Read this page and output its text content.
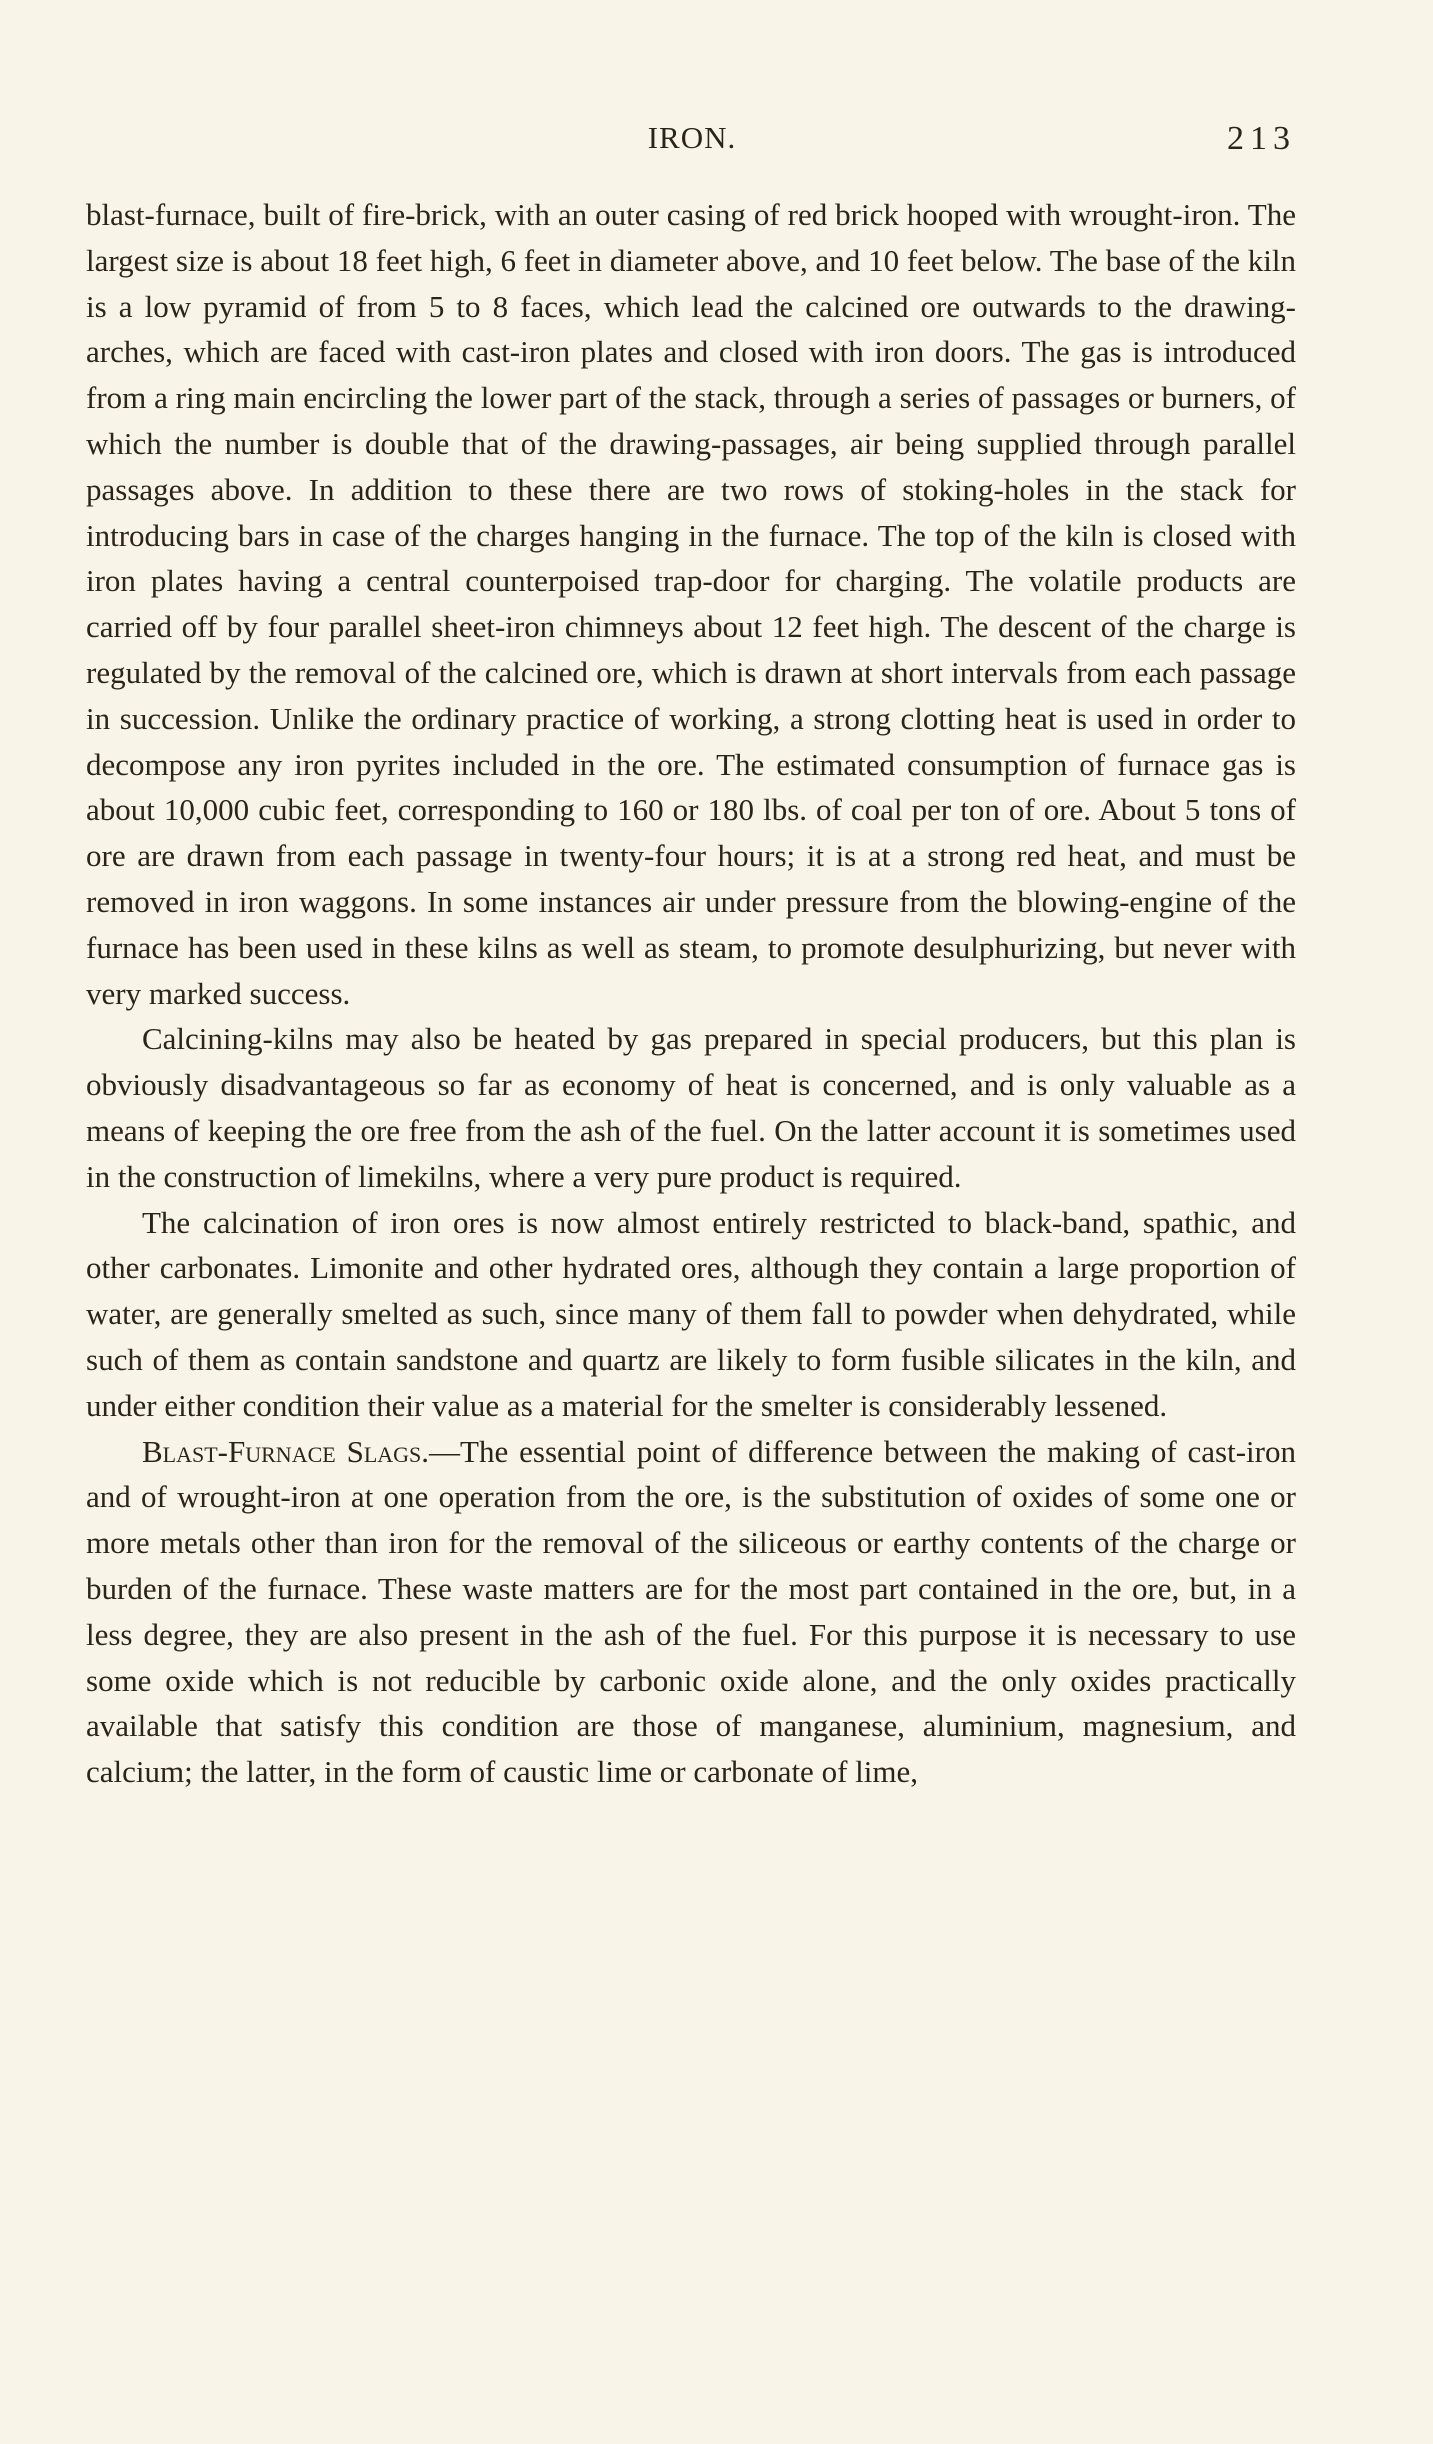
IRON.	213

blast-furnace, built of fire-brick, with an outer casing of red brick hooped with wrought-iron. The largest size is about 18 feet high, 6 feet in diameter above, and 10 feet below. The base of the kiln is a low pyramid of from 5 to 8 faces, which lead the calcined ore outwards to the drawing-arches, which are faced with cast-iron plates and closed with iron doors. The gas is introduced from a ring main encircling the lower part of the stack, through a series of passages or burners, of which the number is double that of the drawing-passages, air being supplied through parallel passages above. In addition to these there are two rows of stoking-holes in the stack for introducing bars in case of the charges hanging in the furnace. The top of the kiln is closed with iron plates having a central counterpoised trap-door for charging. The volatile products are carried off by four parallel sheet-iron chimneys about 12 feet high. The descent of the charge is regulated by the removal of the calcined ore, which is drawn at short intervals from each passage in succession. Unlike the ordinary practice of working, a strong clotting heat is used in order to decompose any iron pyrites included in the ore. The estimated consumption of furnace gas is about 10,000 cubic feet, corresponding to 160 or 180 lbs. of coal per ton of ore. About 5 tons of ore are drawn from each passage in twenty-four hours; it is at a strong red heat, and must be removed in iron waggons. In some instances air under pressure from the blowing-engine of the furnace has been used in these kilns as well as steam, to promote desulphurizing, but never with very marked success.

Calcining-kilns may also be heated by gas prepared in special producers, but this plan is obviously disadvantageous so far as economy of heat is concerned, and is only valuable as a means of keeping the ore free from the ash of the fuel. On the latter account it is sometimes used in the construction of limekilns, where a very pure product is required.

The calcination of iron ores is now almost entirely restricted to black-band, spathic, and other carbonates. Limonite and other hydrated ores, although they contain a large proportion of water, are generally smelted as such, since many of them fall to powder when dehydrated, while such of them as contain sandstone and quartz are likely to form fusible silicates in the kiln, and under either condition their value as a material for the smelter is considerably lessened.

Blast-Furnace Slags.—The essential point of difference between the making of cast-iron and of wrought-iron at one operation from the ore, is the substitution of oxides of some one or more metals other than iron for the removal of the siliceous or earthy contents of the charge or burden of the furnace. These waste matters are for the most part contained in the ore, but, in a less degree, they are also present in the ash of the fuel. For this purpose it is necessary to use some oxide which is not reducible by carbonic oxide alone, and the only oxides practically available that satisfy this condition are those of manganese, aluminium, magnesium, and calcium; the latter, in the form of caustic lime or carbonate of lime,
